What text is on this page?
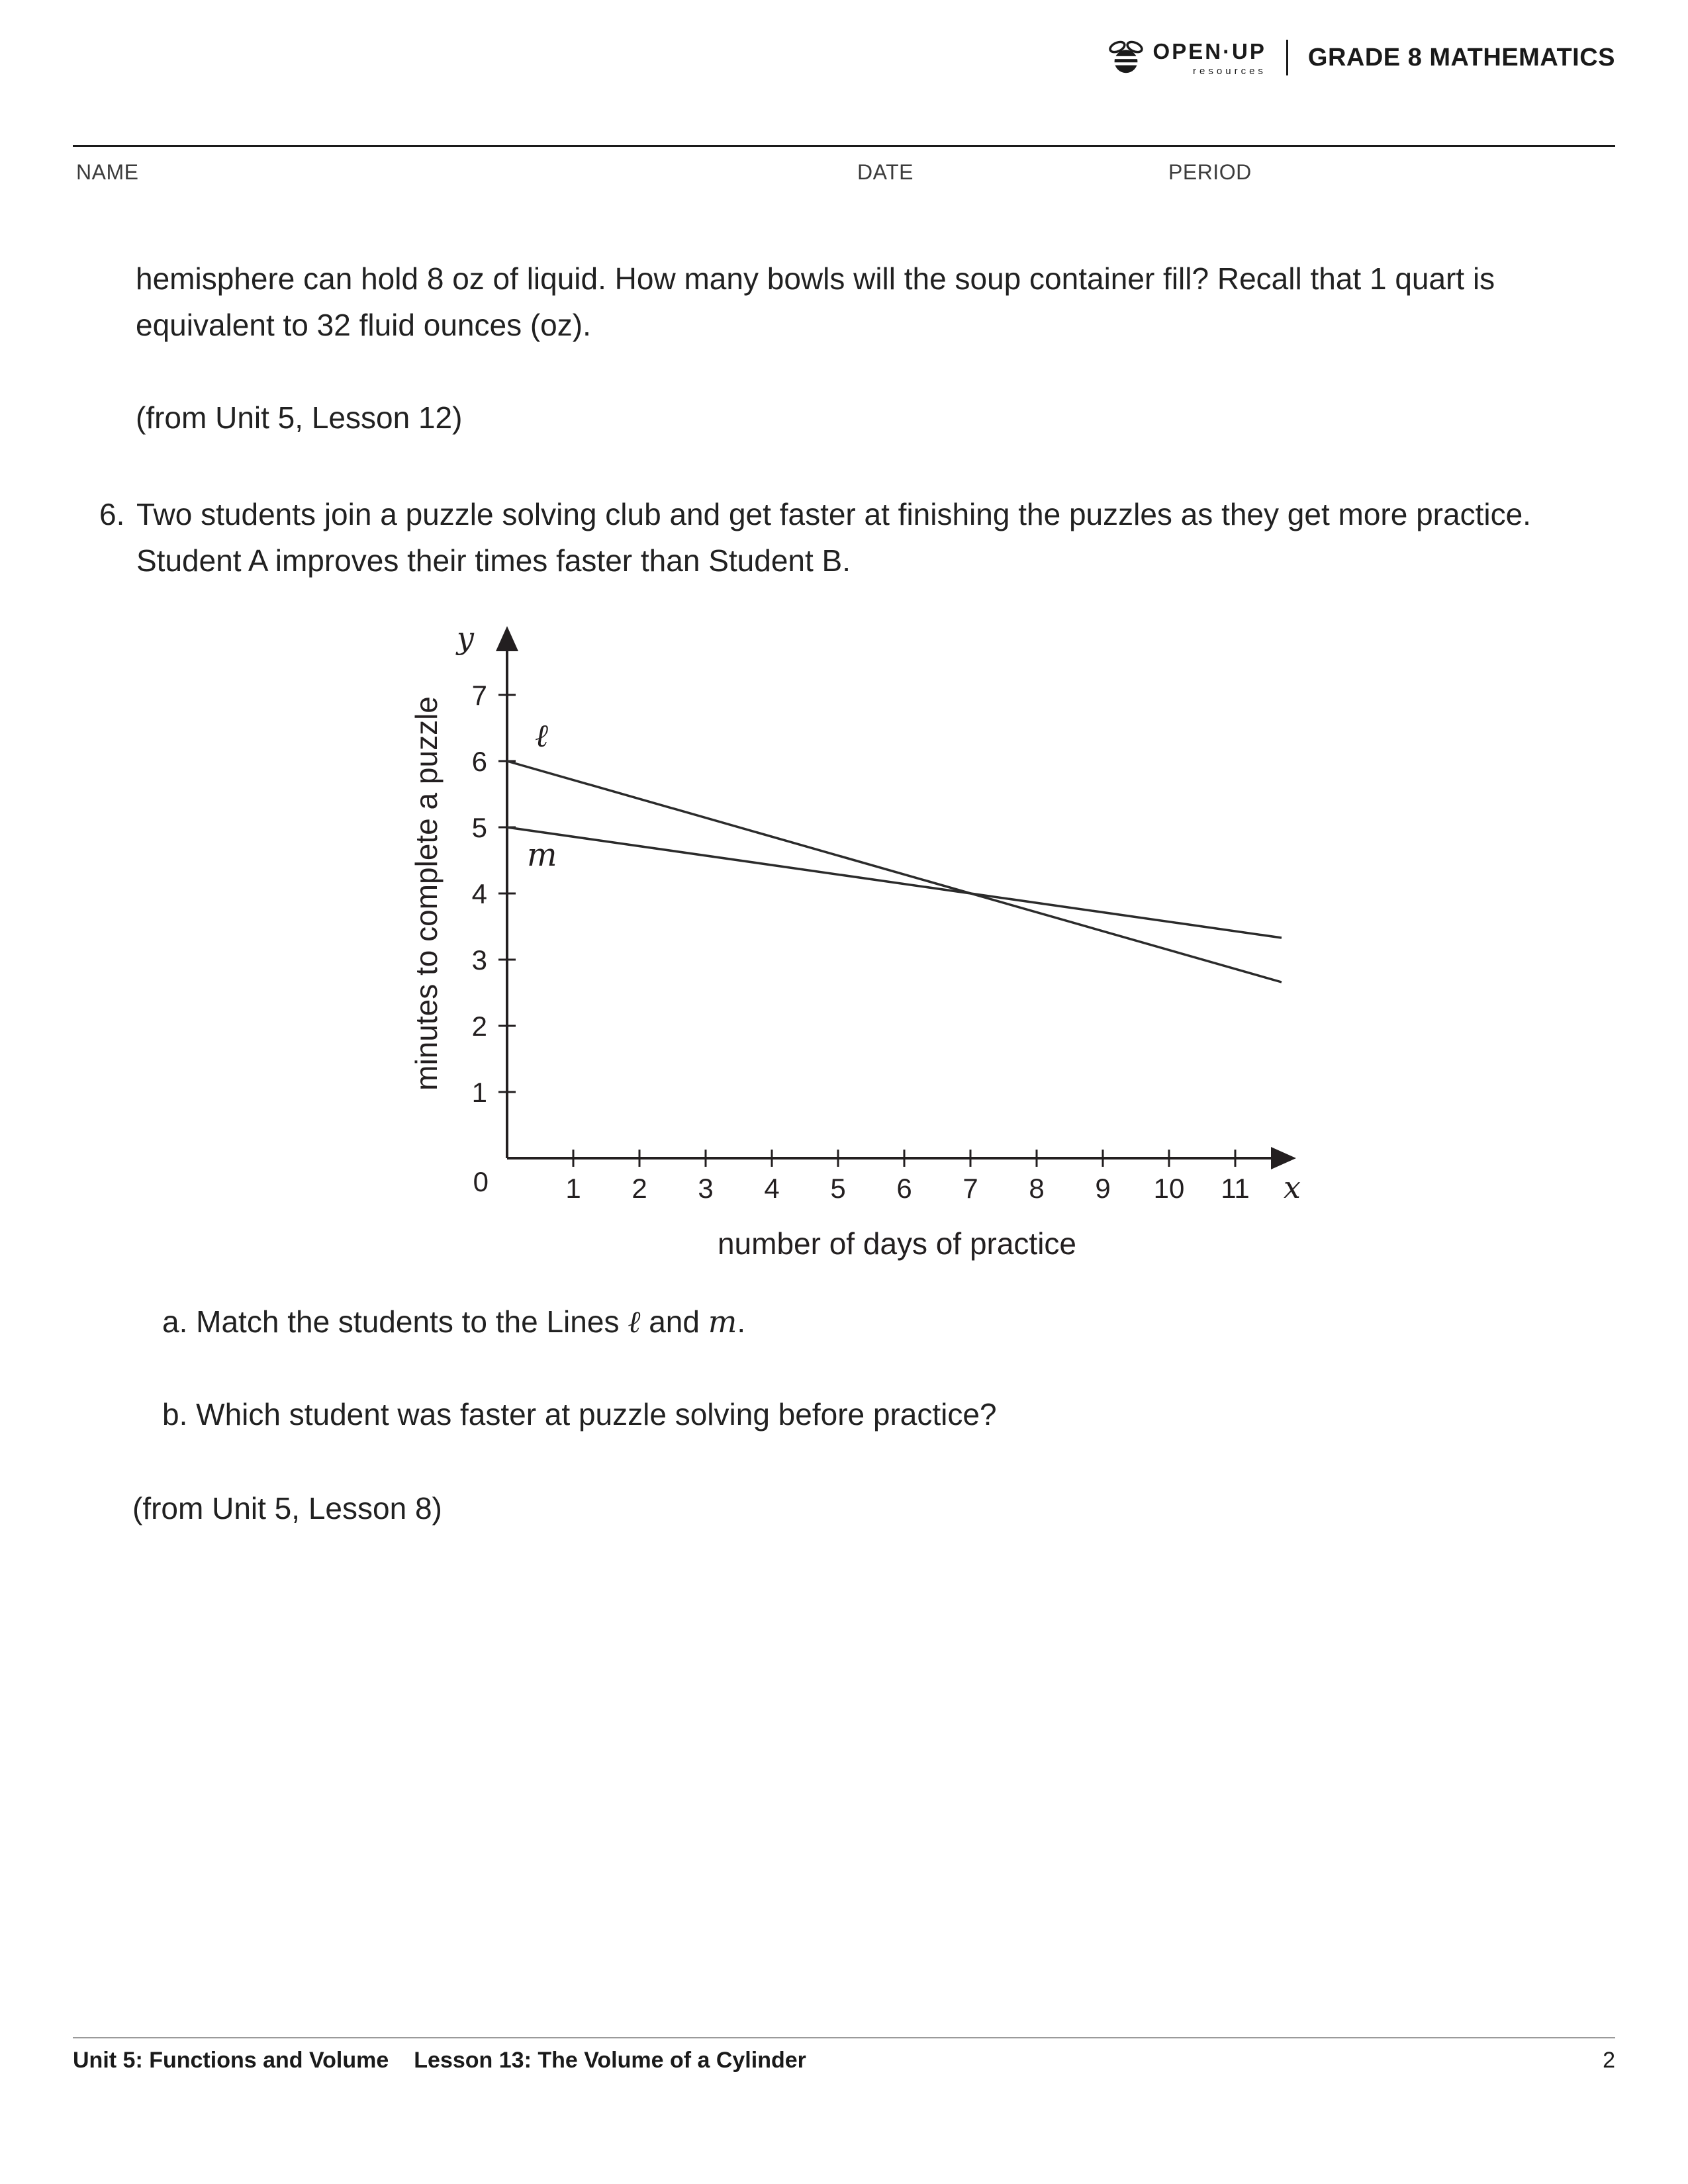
OPEN·UP
resources GRADE 8 MATHEMATICS
NAME	DATE	PERIOD

hemisphere can hold 8 oz of liquid. How many bowls will the soup container fill? Recall that 1 quart is equivalent to 32 fluid ounces (oz).

(from Unit 5, Lesson 12)

6. Two students join a puzzle solving club and get faster at finishing the puzzles as they get more practice. Student A improves their times faster than Student B.
1 2 3 4 5 6 7 8 9 10 11
1
2
3
4
5
6
7
0
y
x
number of days of practice
minutes to complete a puzzle	ℓ
m

a. Match the students to the Lines ℓ and m.

b. Which student was faster at puzzle solving before practice?

(from Unit 5, Lesson 8)

Unit 5: Functions and Volume Lesson 13: The Volume of a Cylinder	2
